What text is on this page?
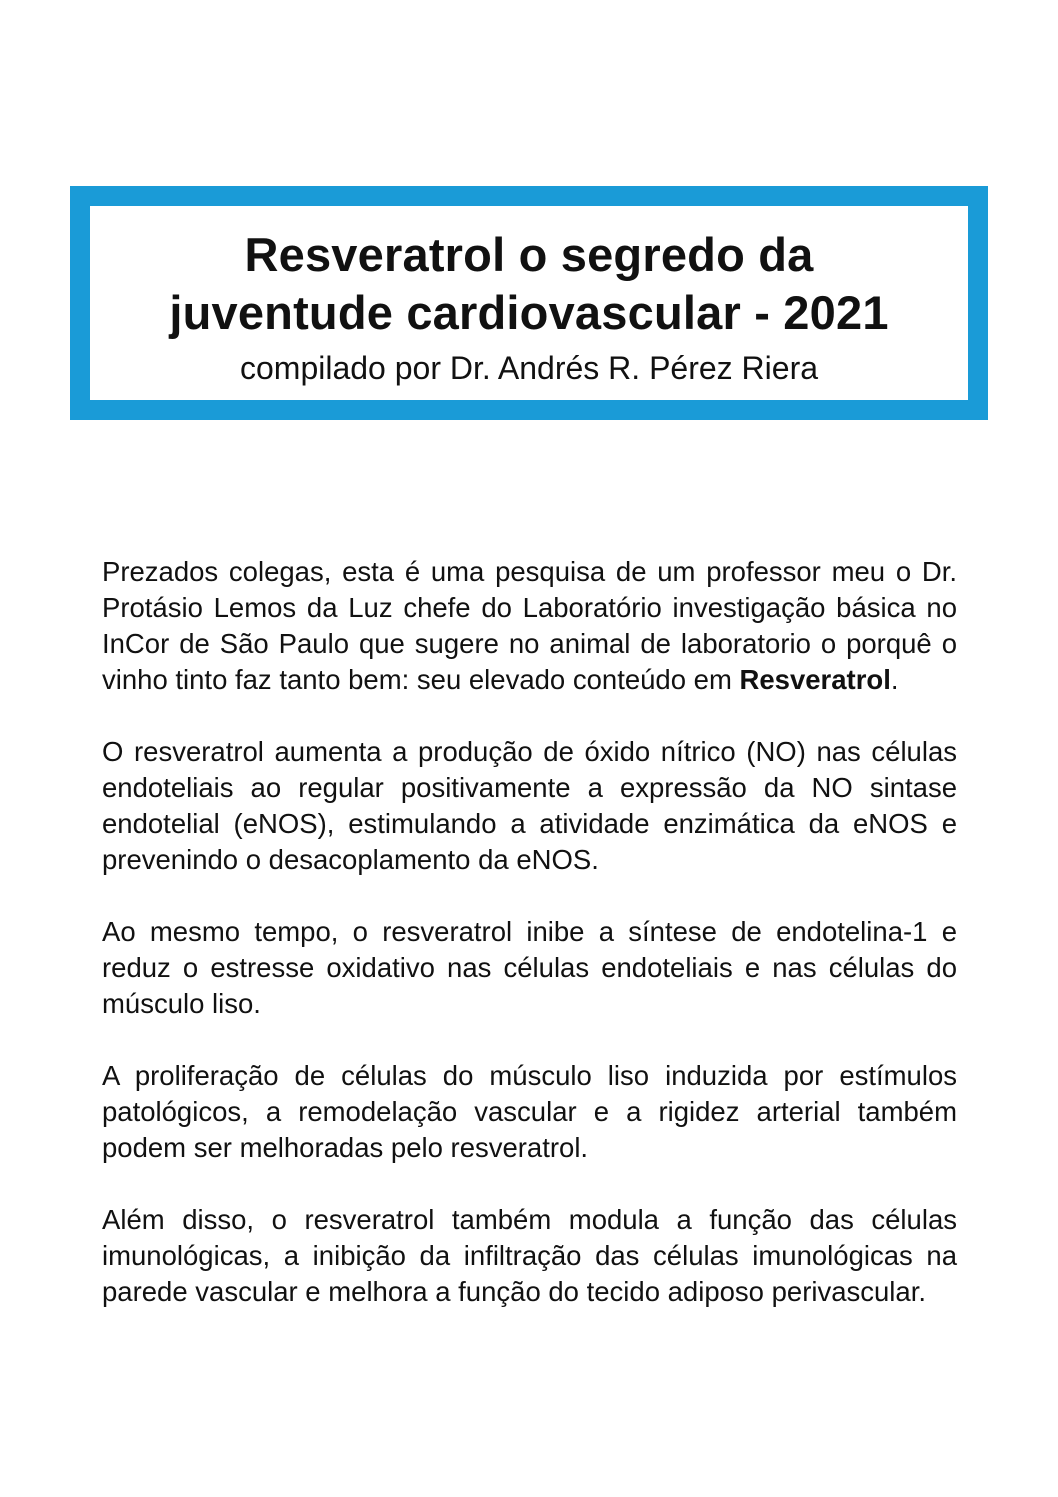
Resveratrol o segredo da
juventude cardiovascular - 2021
compilado por Dr. Andrés R. Pérez Riera

Prezados colegas, esta é uma pesquisa de um professor meu o Dr. Protásio Lemos da Luz chefe do Laboratório investigação básica no InCor de São Paulo que sugere no animal de laboratorio o porquê o vinho tinto faz tanto bem: seu elevado conteúdo em Resveratrol.

O resveratrol aumenta a produção de óxido nítrico (NO) nas células endoteliais ao regular positivamente a expressão da NO sintase endotelial (eNOS), estimulando a atividade enzimática da eNOS e prevenindo o desacoplamento da eNOS.

Ao mesmo tempo, o resveratrol inibe a síntese de endotelina-1 e reduz o estresse oxidativo nas células endoteliais e nas células do músculo liso.

A proliferação de células do músculo liso induzida por estímulos patológicos, a remodelação vascular e a rigidez arterial também podem ser melhoradas pelo resveratrol.

Além disso, o resveratrol também modula a função das células imunológicas, a inibição da infiltração das células imunológicas na parede vascular e melhora a função do tecido adiposo perivascular.
